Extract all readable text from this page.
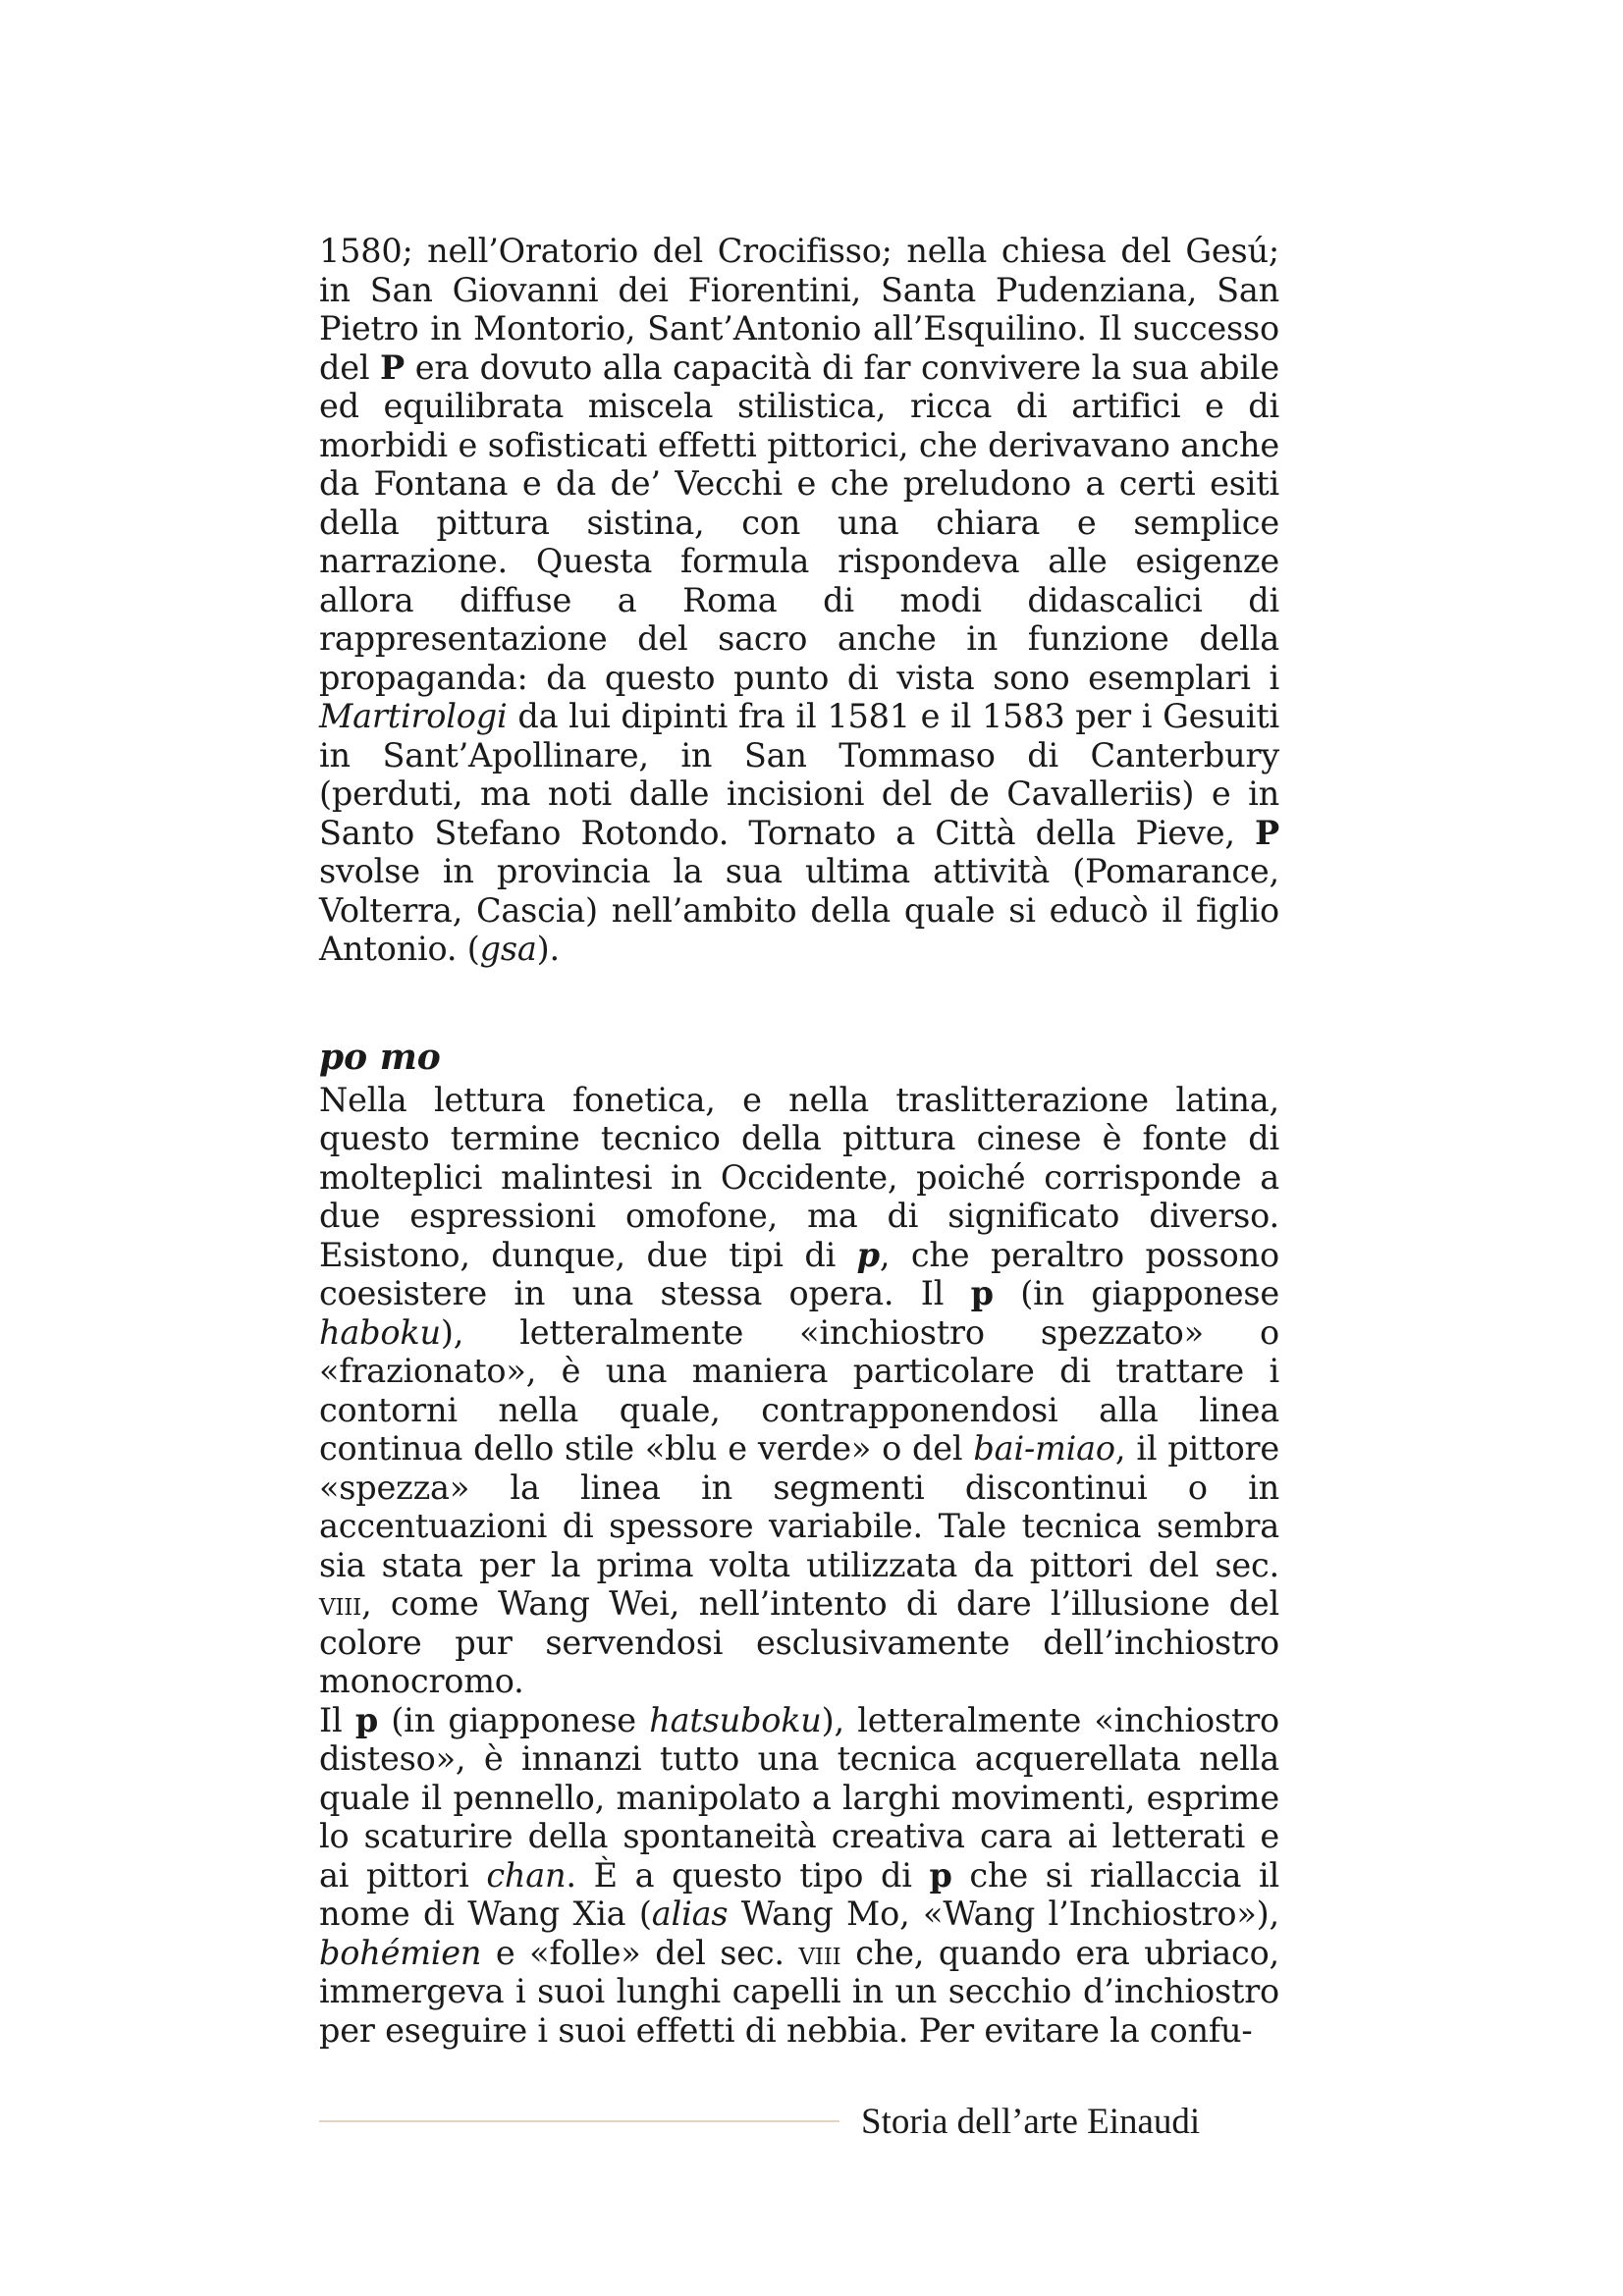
1580; nell’Oratorio del Crocifisso; nella chiesa del Gesú; in San Giovanni dei Fiorentini, Santa Pudenziana, San Pietro in Montorio, Sant’Antonio all’Esquilino. Il successo del P era dovuto alla capacità di far convivere la sua abile ed equilibrata miscela stilistica, ricca di artifici e di morbidi e sofisticati effetti pittorici, che derivavano anche da Fontana e da de’ Vecchi e che preludono a certi esiti della pittura sistina, con una chiara e semplice narrazione. Questa formula rispondeva alle esigenze allora diffuse a Roma di modi didascalici di rappresentazione del sacro anche in funzione della propaganda: da questo punto di vista sono esemplari i Martirologi da lui dipinti fra il 1581 e il 1583 per i Gesuiti in Sant’Apollinare, in San Tommaso di Canterbury (perduti, ma noti dalle incisioni del de Cavalleriis) e in Santo Stefano Rotondo. Tornato a Città della Pieve, P svolse in provincia la sua ultima attività (Pomarance, Volterra, Cascia) nell’ambito della quale si educò il figlio Antonio. (gsa).

po mo

Nella lettura fonetica, e nella traslitterazione latina, questo termine tecnico della pittura cinese è fonte di molteplici malintesi in Occidente, poiché corrisponde a due espressioni omofone, ma di significato diverso. Esistono, dunque, due tipi di p, che peraltro possono coesistere in una stessa opera. Il p (in giapponese haboku), letteralmente «inchiostro spezzato» o «frazionato», è una maniera particolare di trattare i contorni nella quale, contrapponendosi alla linea continua dello stile «blu e verde» o del bai-miao, il pittore «spezza» la linea in segmenti discontinui o in accentuazioni di spessore variabile. Tale tecnica sembra sia stata per la prima volta utilizzata da pittori del sec. viii, come Wang Wei, nell’intento di dare l’illusione del colore pur servendosi esclusivamente dell’inchiostro monocromo.

Il p (in giapponese hatsuboku), letteralmente «inchiostro disteso», è innanzi tutto una tecnica acquerellata nella quale il pennello, manipolato a larghi movimenti, esprime lo scaturire della spontaneità creativa cara ai letterati e ai pittori chan. È a questo tipo di p che si riallaccia il nome di Wang Xia (alias Wang Mo, «Wang l’Inchiostro»), bohémien e «folle» del sec. viii che, quando era ubriaco, immergeva i suoi lunghi capelli in un secchio d’inchiostro per eseguire i suoi effetti di nebbia. Per evitare la confu-

Storia dell’arte Einaudi
